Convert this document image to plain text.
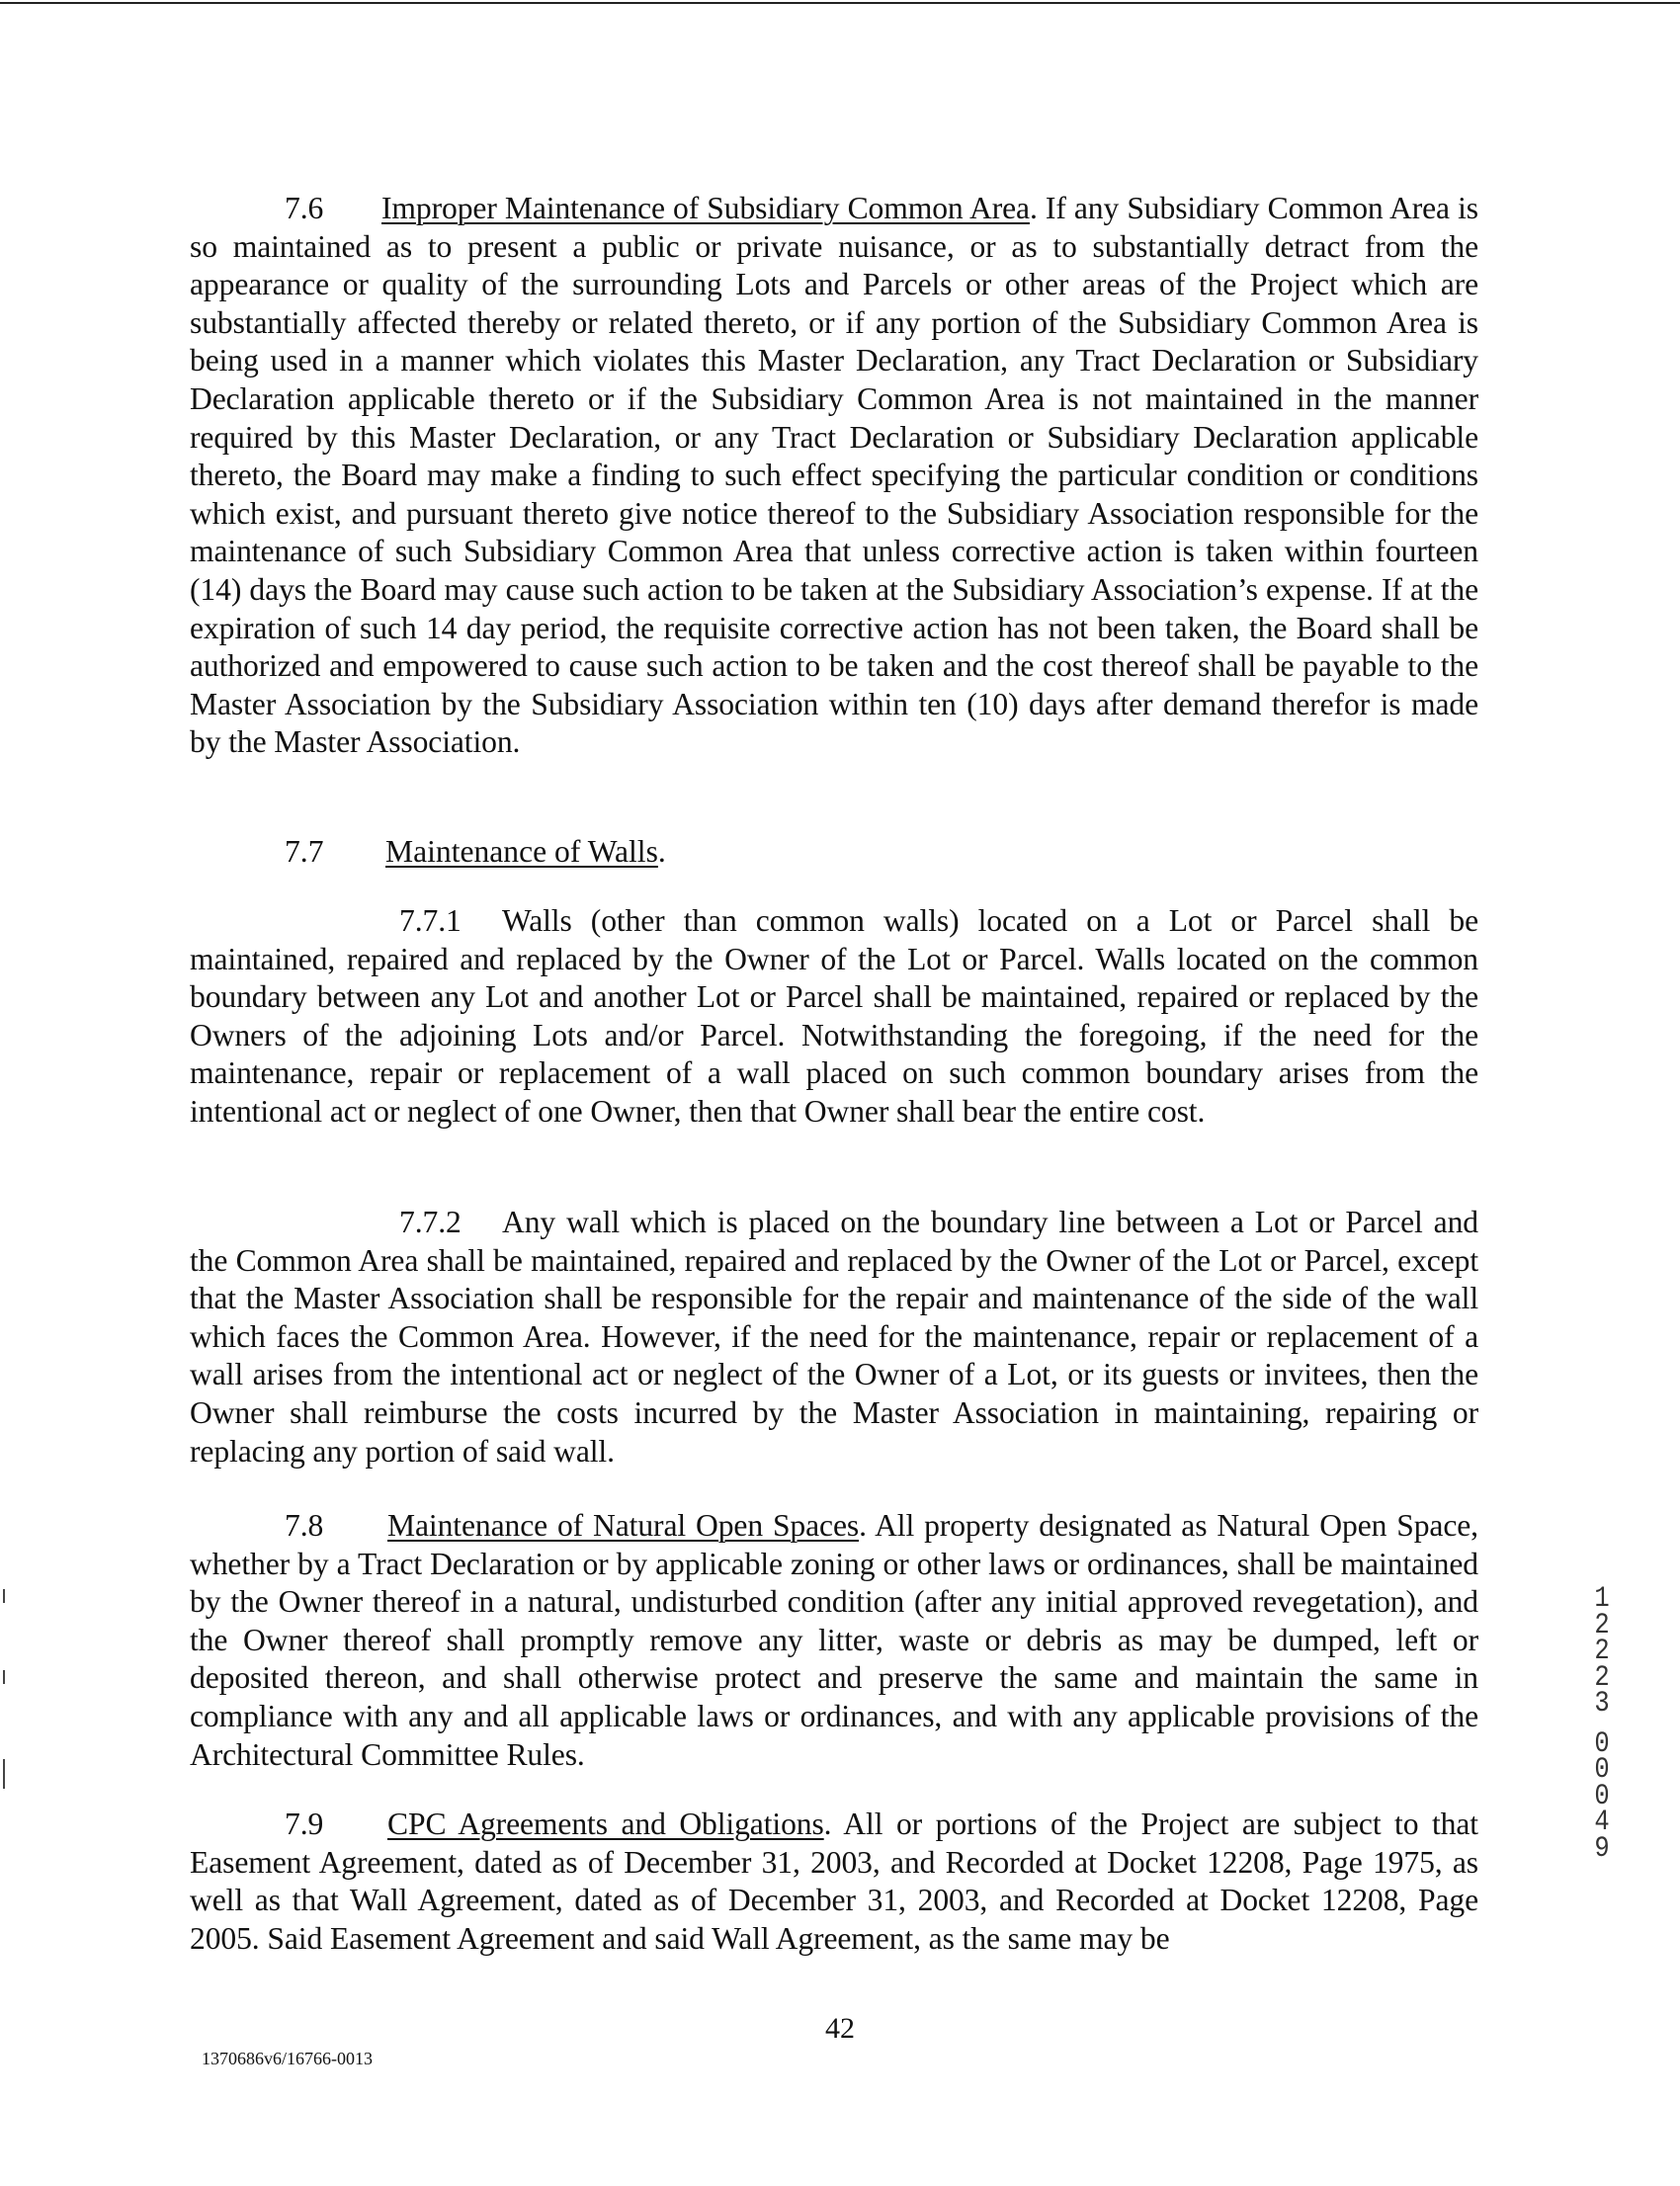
7.6 Improper Maintenance of Subsidiary Common Area. If any Subsidiary Common Area is so maintained as to present a public or private nuisance, or as to substantially detract from the appearance or quality of the surrounding Lots and Parcels or other areas of the Project which are substantially affected thereby or related thereto, or if any portion of the Subsidiary Common Area is being used in a manner which violates this Master Declaration, any Tract Declaration or Subsidiary Declaration applicable thereto or if the Subsidiary Common Area is not maintained in the manner required by this Master Declaration, or any Tract Declaration or Subsidiary Declaration applicable thereto, the Board may make a finding to such effect specifying the particular condition or conditions which exist, and pursuant thereto give notice thereof to the Subsidiary Association responsible for the maintenance of such Subsidiary Common Area that unless corrective action is taken within fourteen (14) days the Board may cause such action to be taken at the Subsidiary Association’s expense. If at the expiration of such 14 day period, the requisite corrective action has not been taken, the Board shall be authorized and empowered to cause such action to be taken and the cost thereof shall be payable to the Master Association by the Subsidiary Association within ten (10) days after demand therefor is made by the Master Association.

7.7 Maintenance of Walls.

7.7.1 Walls (other than common walls) located on a Lot or Parcel shall be maintained, repaired and replaced by the Owner of the Lot or Parcel. Walls located on the common boundary between any Lot and another Lot or Parcel shall be maintained, repaired or replaced by the Owners of the adjoining Lots and/or Parcel. Notwithstanding the foregoing, if the need for the maintenance, repair or replacement of a wall placed on such common boundary arises from the intentional act or neglect of one Owner, then that Owner shall bear the entire cost.

7.7.2 Any wall which is placed on the boundary line between a Lot or Parcel and the Common Area shall be maintained, repaired and replaced by the Owner of the Lot or Parcel, except that the Master Association shall be responsible for the repair and maintenance of the side of the wall which faces the Common Area. However, if the need for the maintenance, repair or replacement of a wall arises from the intentional act or neglect of the Owner of a Lot, or its guests or invitees, then the Owner shall reimburse the costs incurred by the Master Association in maintaining, repairing or replacing any portion of said wall.

7.8 Maintenance of Natural Open Spaces. All property designated as Natural Open Space, whether by a Tract Declaration or by applicable zoning or other laws or ordinances, shall be maintained by the Owner thereof in a natural, undisturbed condition (after any initial approved revegetation), and the Owner thereof shall promptly remove any litter, waste or debris as may be dumped, left or deposited thereon, and shall otherwise protect and preserve the same and maintain the same in compliance with any and all applicable laws or ordinances, and with any applicable provisions of the Architectural Committee Rules.

7.9 CPC Agreements and Obligations. All or portions of the Project are subject to that Easement Agreement, dated as of December 31, 2003, and Recorded at Docket 12208, Page 1975, as well as that Wall Agreement, dated as of December 31, 2003, and Recorded at Docket 12208, Page 2005. Said Easement Agreement and said Wall Agreement, as the same may be

42
1370686v6/16766-0013
1
2
2
2
3
0
0
0
4
9
